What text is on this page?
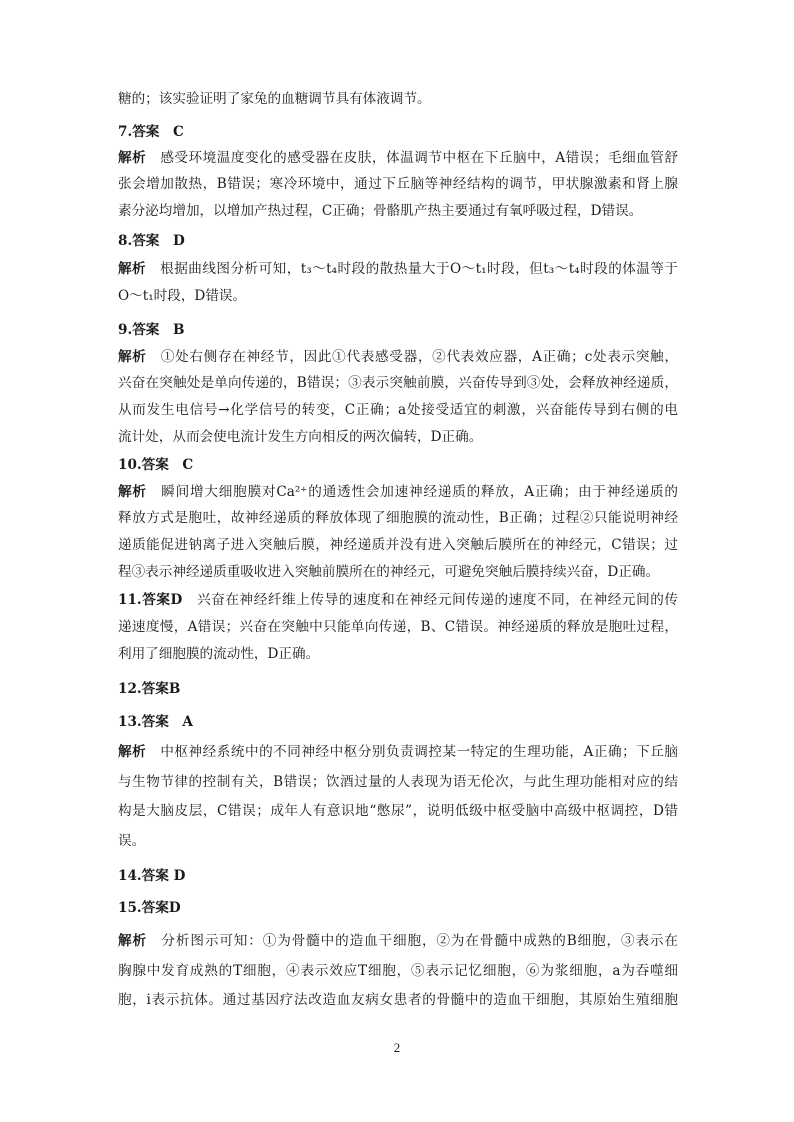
糖的；该实验证明了家兔的血糖调节具有体液调节。
7.答案　C
解析　感受环境温度变化的感受器在皮肤，体温调节中枢在下丘脑中，A错误；毛细血管舒
张会增加散热，B错误；寒冷环境中，通过下丘脑等神经结构的调节，甲状腺激素和肾上腺
素分泌均增加，以增加产热过程，C正确；骨骼肌产热主要通过有氧呼吸过程，D错误。
8.答案　D
解析　根据曲线图分析可知，t₃～t₄时段的散热量大于O～t₁时段，但t₃～t₄时段的体温等于
O～t₁时段，D错误。
9.答案　B
解析　①处右侧存在神经节，因此①代表感受器，②代表效应器，A正确；c处表示突触，
兴奋在突触处是单向传递的，B错误；③表示突触前膜，兴奋传导到③处，会释放神经递质，
从而发生电信号→化学信号的转变，C正确；a处接受适宜的刺激，兴奋能传导到右侧的电
流计处，从而会使电流计发生方向相反的两次偏转，D正确。
10.答案　C
解析　瞬间增大细胞膜对Ca²⁺的通透性会加速神经递质的释放，A正确；由于神经递质的
释放方式是胞吐，故神经递质的释放体现了细胞膜的流动性，B正确；过程②只能说明神经
递质能促进钠离子进入突触后膜，神经递质并没有进入突触后膜所在的神经元，C错误；过
程③表示神经递质重吸收进入突触前膜所在的神经元，可避免突触后膜持续兴奋，D正确。
11.答案D　兴奋在神经纤维上传导的速度和在神经元间传递的速度不同，在神经元间的传
递速度慢，A错误；兴奋在突触中只能单向传递，B、C错误。神经递质的释放是胞吐过程，
利用了细胞膜的流动性，D正确。
12.答案B
13.答案　A
解析　中枢神经系统中的不同神经中枢分别负责调控某一特定的生理功能，A正确；下丘脑
与生物节律的控制有关，B错误；饮酒过量的人表现为语无伦次，与此生理功能相对应的结
构是大脑皮层，C错误；成年人有意识地“憋尿”，说明低级中枢受脑中高级中枢调控，D错
误。
14.答案 D
15.答案D
解析　分析图示可知：①为骨髓中的造血干细胞，②为在骨髓中成熟的B细胞，③表示在
胸腺中发育成熟的T细胞，④表示效应T细胞，⑤表示记忆细胞，⑥为浆细胞，a为吞噬细
胞，i表示抗体。通过基因疗法改造血友病女患者的骨髓中的造血干细胞，其原始生殖细胞
2
